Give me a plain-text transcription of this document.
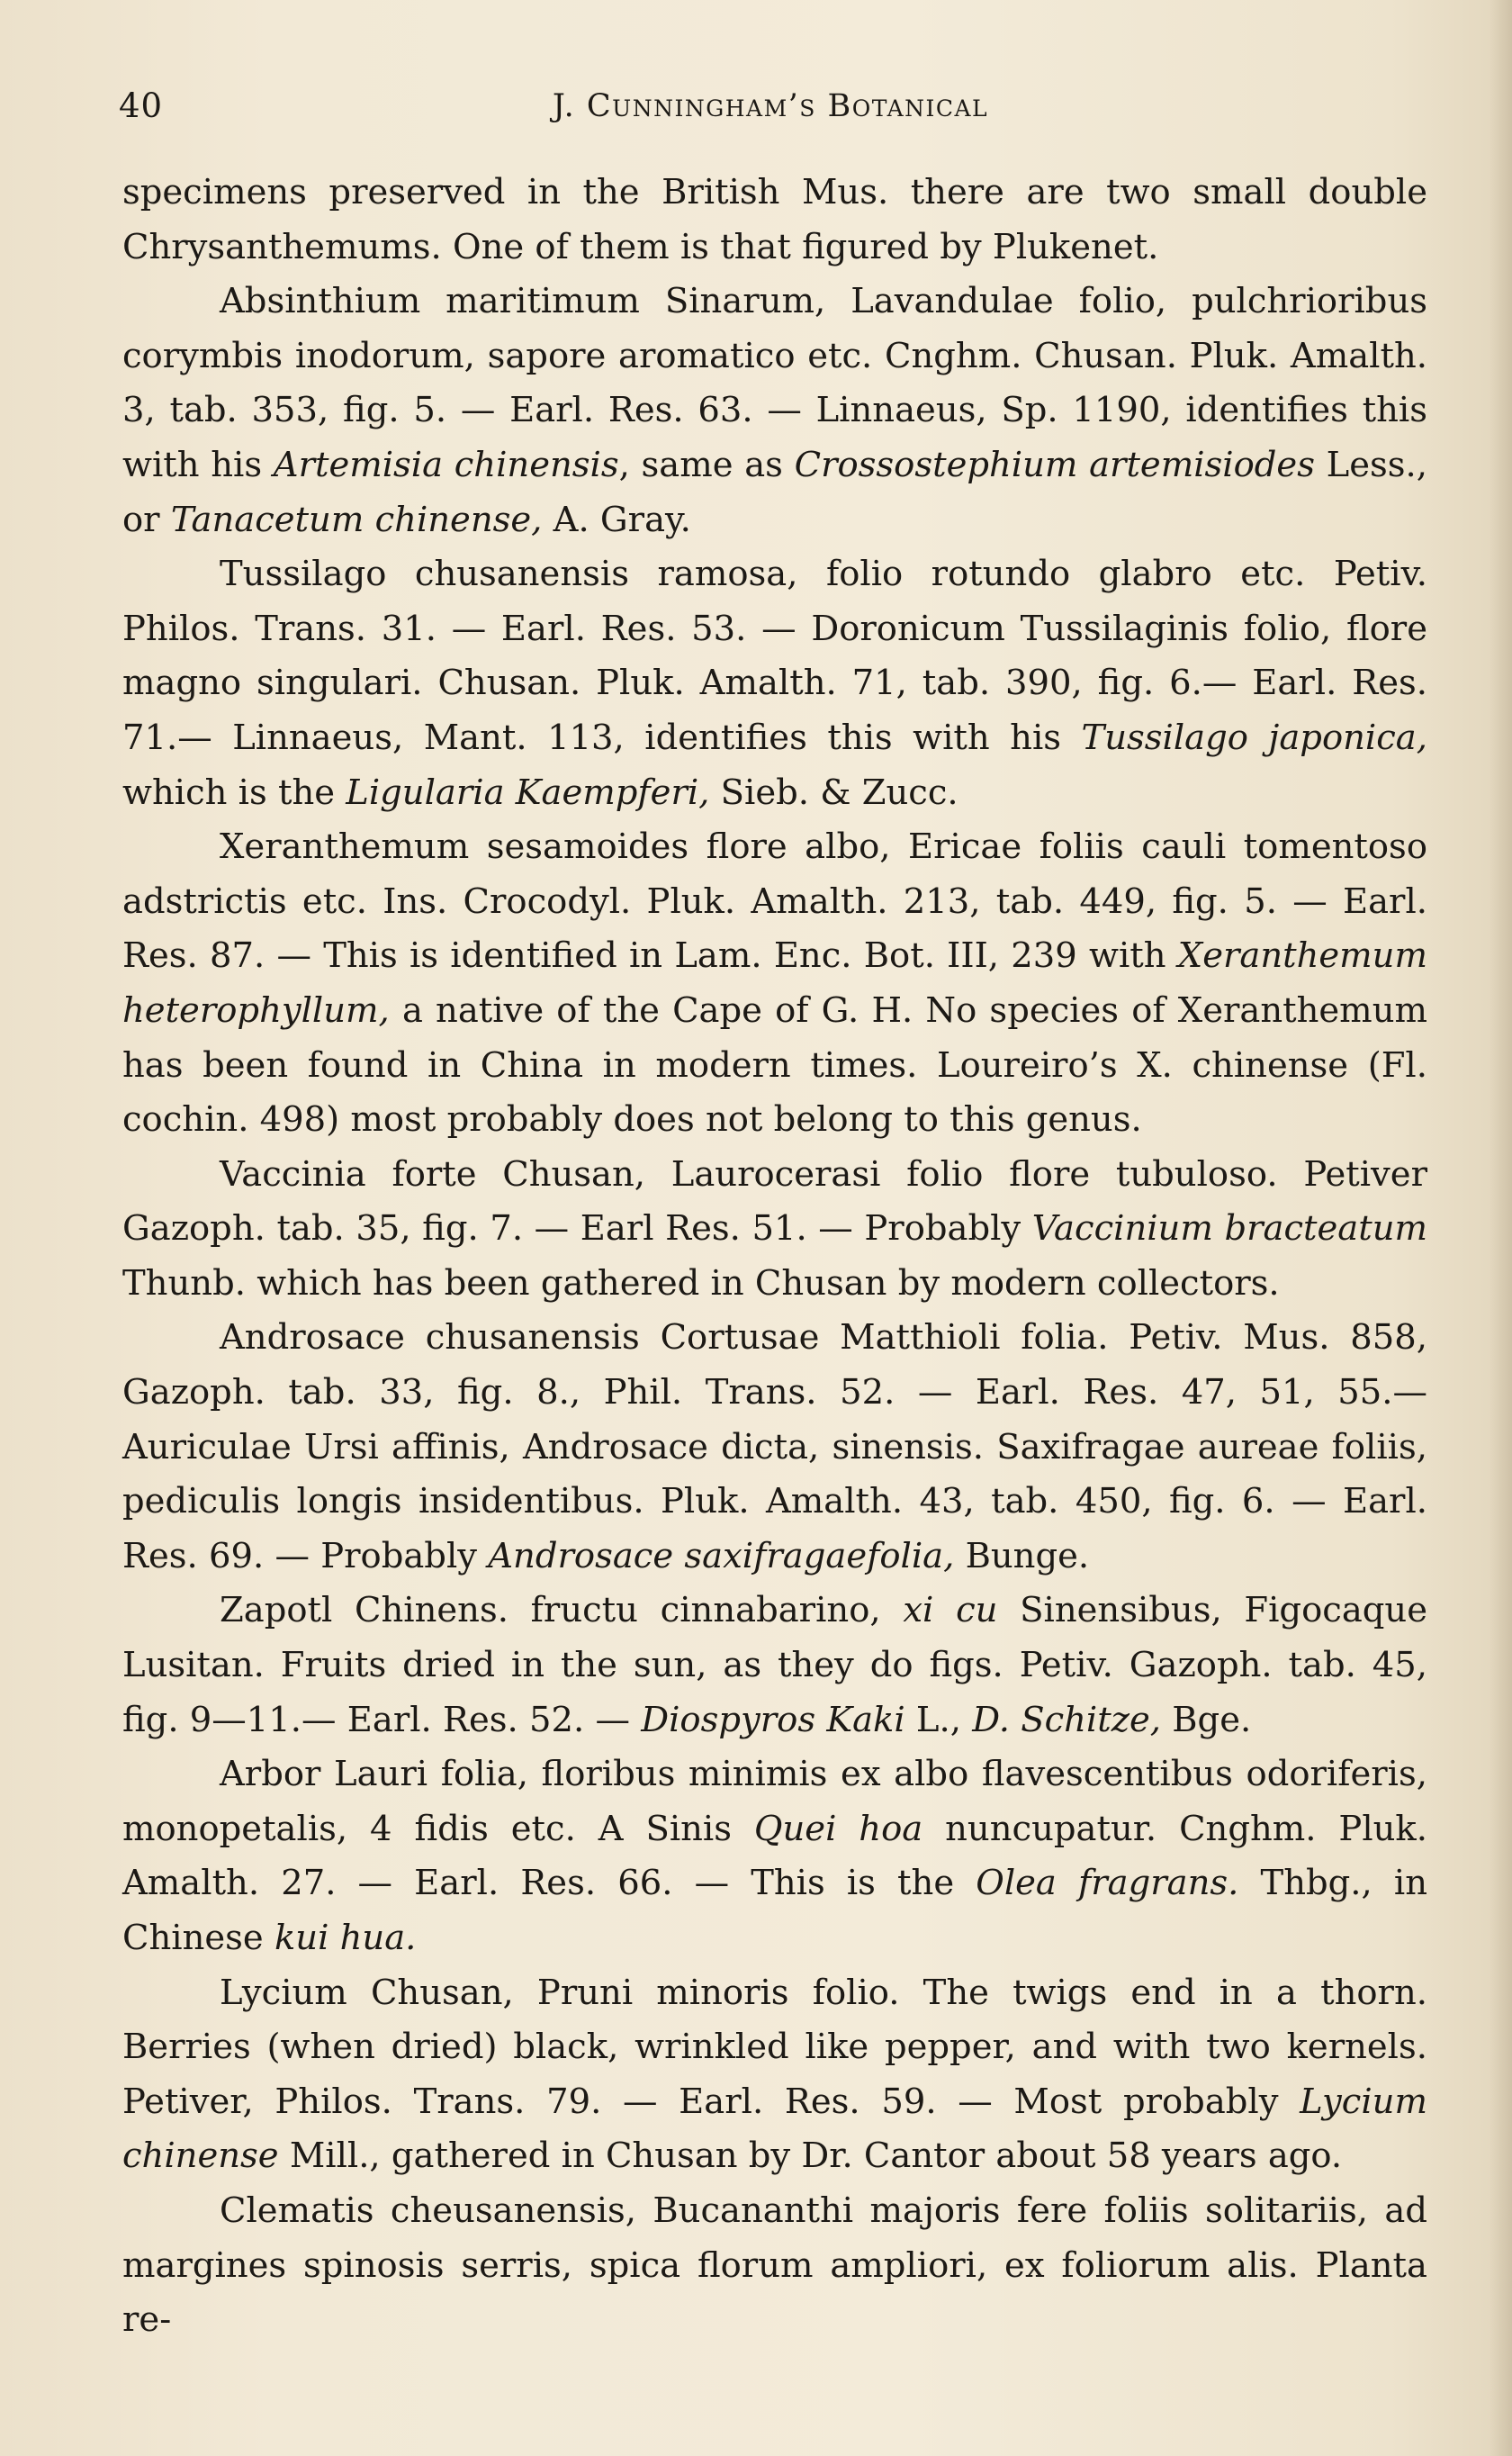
40	J. Cunningham’s Botanical

specimens preserved in the British Mus. there are two small double Chrysanthemums. One of them is that figured by Plukenet.

Absinthium maritimum Sinarum, Lavandulae folio, pulchrioribus corymbis inodorum, sapore aromatico etc. Cnghm. Chusan. Pluk. Amalth. 3, tab. 353, fig. 5. — Earl. Res. 63. — Linnaeus, Sp. 1190, identifies this with his Artemisia chinensis, same as Crossostephium artemisiodes Less., or Tanacetum chinense, A. Gray.

Tussilago chusanensis ramosa, folio rotundo glabro etc. Petiv. Philos. Trans. 31. — Earl. Res. 53. — Doronicum Tussilaginis folio, flore magno singulari. Chusan. Pluk. Amalth. 71, tab. 390, fig. 6.— Earl. Res. 71.— Linnaeus, Mant. 113, identifies this with his Tussilago japonica, which is the Ligularia Kaempferi, Sieb. & Zucc.

Xeranthemum sesamoides flore albo, Ericae foliis cauli tomentoso adstrictis etc. Ins. Crocodyl. Pluk. Amalth. 213, tab. 449, fig. 5. — Earl. Res. 87. — This is identified in Lam. Enc. Bot. III, 239 with Xeranthemum heterophyllum, a native of the Cape of G. H. No species of Xeranthemum has been found in China in modern times. Loureiro’s X. chinense (Fl. cochin. 498) most probably does not belong to this genus.

Vaccinia forte Chusan, Laurocerasi folio flore tubuloso. Petiver Gazoph. tab. 35, fig. 7. — Earl Res. 51. — Probably Vaccinium bracteatum Thunb. which has been gathered in Chusan by modern collectors.

Androsace chusanensis Cortusae Matthioli folia. Petiv. Mus. 858, Gazoph. tab. 33, fig. 8., Phil. Trans. 52. — Earl. Res. 47, 51, 55.— Auriculae Ursi affinis, Androsace dicta, sinensis. Saxifragae aureae foliis, pediculis longis insidentibus. Pluk. Amalth. 43, tab. 450, fig. 6. — Earl. Res. 69. — Probably Androsace saxifragaefolia, Bunge.

Zapotl Chinens. fructu cinnabarino, xi cu Sinensibus, Figocaque Lusitan. Fruits dried in the sun, as they do figs. Petiv. Gazoph. tab. 45, fig. 9—11.— Earl. Res. 52. — Diospyros Kaki L., D. Schitze, Bge.

Arbor Lauri folia, floribus minimis ex albo flavescentibus odoriferis, monopetalis, 4 fidis etc. A Sinis Quei hoa nuncupatur. Cnghm. Pluk. Amalth. 27. — Earl. Res. 66. — This is the Olea fragrans. Thbg., in Chinese kui hua.

Lycium Chusan, Pruni minoris folio. The twigs end in a thorn. Berries (when dried) black, wrinkled like pepper, and with two kernels. Petiver, Philos. Trans. 79. — Earl. Res. 59. — Most probably Lycium chinense Mill., gathered in Chusan by Dr. Cantor about 58 years ago.

Clematis cheusanensis, Bucananthi majoris fere foliis solitariis, ad margines spinosis serris, spica florum ampliori, ex foliorum alis. Planta re-
